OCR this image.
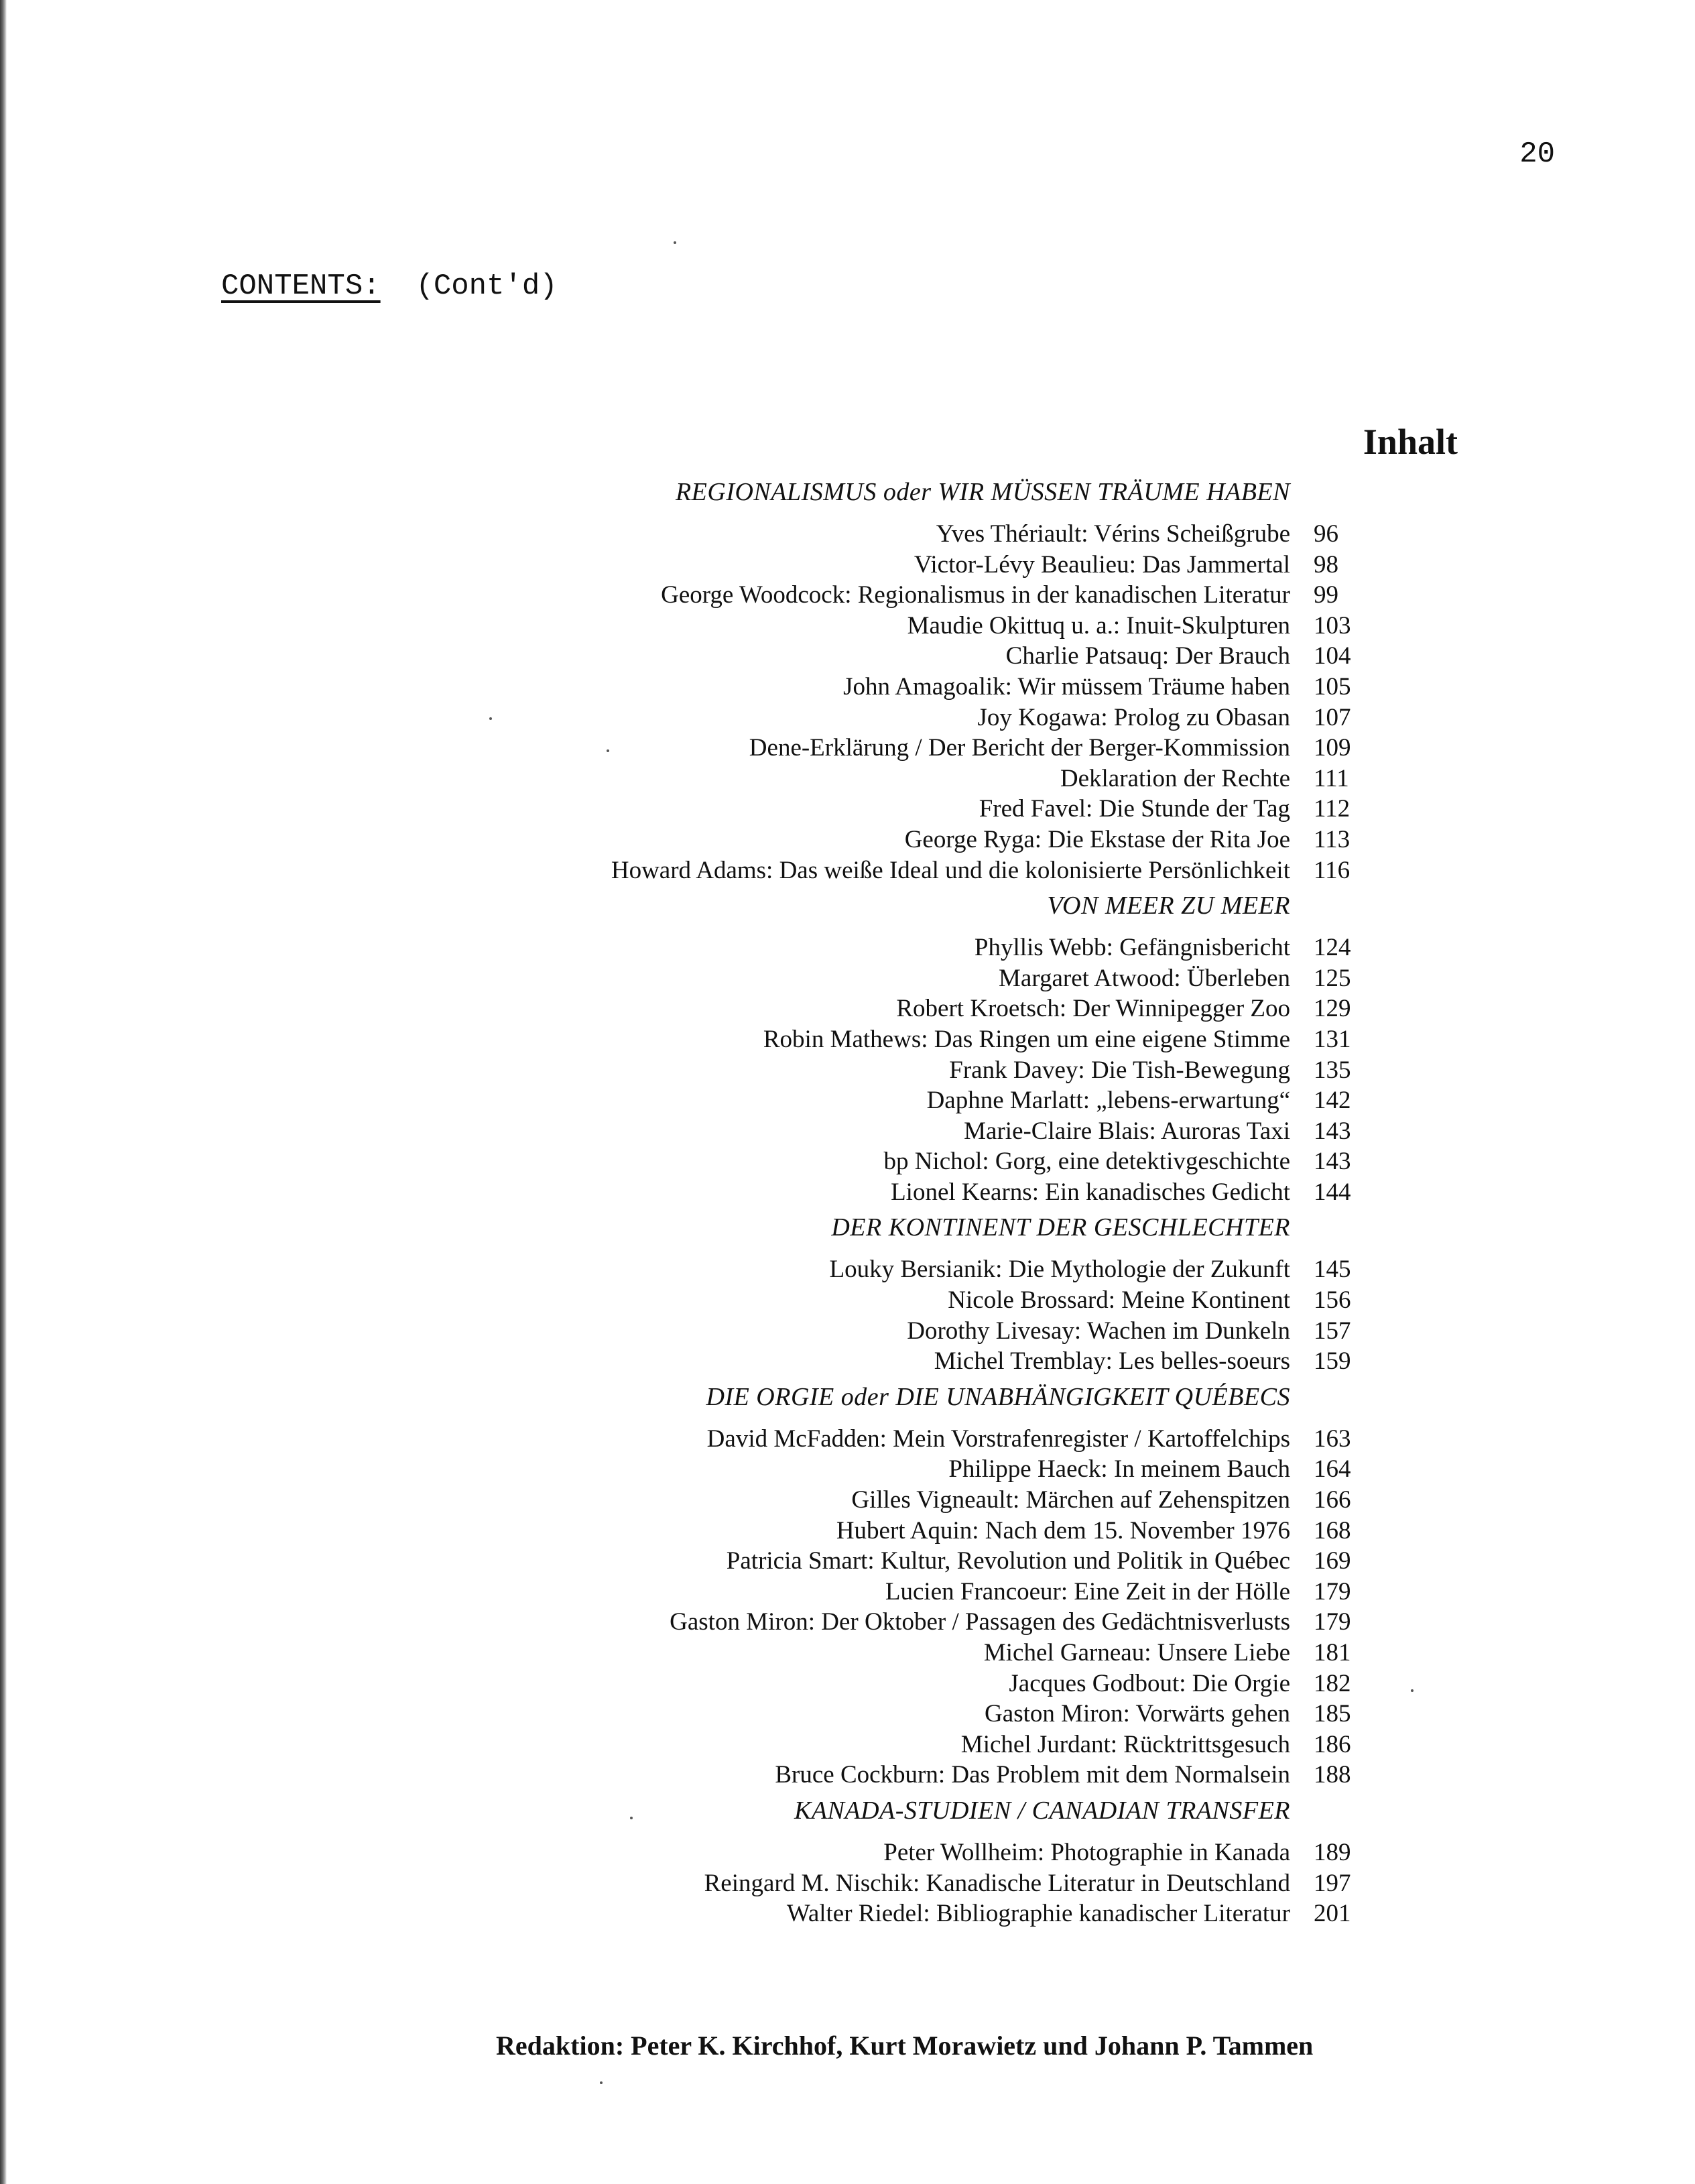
20
CONTENTS: (Cont'd)
Inhalt
REGIONALISMUS oder WIR MÜSSEN TRÄUME HABEN
Yves Thériault: Vérins Scheißgrube 96
Victor-Lévy Beaulieu: Das Jammertal 98
George Woodcock: Regionalismus in der kanadischen Literatur 99
Maudie Okittuq u. a.: Inuit-Skulpturen 103
Charlie Patsauq: Der Brauch 104
John Amagoalik: Wir müssem Träume haben 105
Joy Kogawa: Prolog zu Obasan 107
Dene-Erklärung / Der Bericht der Berger-Kommission 109
Deklaration der Rechte 111
Fred Favel: Die Stunde der Tag 112
George Ryga: Die Ekstase der Rita Joe 113
Howard Adams: Das weiße Ideal und die kolonisierte Persönlichkeit 116
VON MEER ZU MEER
Phyllis Webb: Gefängnisbericht 124
Margaret Atwood: Überleben 125
Robert Kroetsch: Der Winnipegger Zoo 129
Robin Mathews: Das Ringen um eine eigene Stimme 131
Frank Davey: Die Tish-Bewegung 135
Daphne Marlatt: „lebens-erwartung“ 142
Marie-Claire Blais: Auroras Taxi 143
bp Nichol: Gorg, eine detektivgeschichte 143
Lionel Kearns: Ein kanadisches Gedicht 144
DER KONTINENT DER GESCHLECHTER
Louky Bersianik: Die Mythologie der Zukunft 145
Nicole Brossard: Meine Kontinent 156
Dorothy Livesay: Wachen im Dunkeln 157
Michel Tremblay: Les belles-soeurs 159
DIE ORGIE oder DIE UNABHÄNGIGKEIT QUÉBECS
David McFadden: Mein Vorstrafenregister / Kartoffelchips 163
Philippe Haeck: In meinem Bauch 164
Gilles Vigneault: Märchen auf Zehenspitzen 166
Hubert Aquin: Nach dem 15. November 1976 168
Patricia Smart: Kultur, Revolution und Politik in Québec 169
Lucien Francoeur: Eine Zeit in der Hölle 179
Gaston Miron: Der Oktober / Passagen des Gedächtnisverlusts 179
Michel Garneau: Unsere Liebe 181
Jacques Godbout: Die Orgie 182
Gaston Miron: Vorwärts gehen 185
Michel Jurdant: Rücktrittsgesuch 186
Bruce Cockburn: Das Problem mit dem Normalsein 188
KANADA-STUDIEN / CANADIAN TRANSFER
Peter Wollheim: Photographie in Kanada 189
Reingard M. Nischik: Kanadische Literatur in Deutschland 197
Walter Riedel: Bibliographie kanadischer Literatur 201
Redaktion: Peter K. Kirchhof, Kurt Morawietz und Johann P. Tammen
